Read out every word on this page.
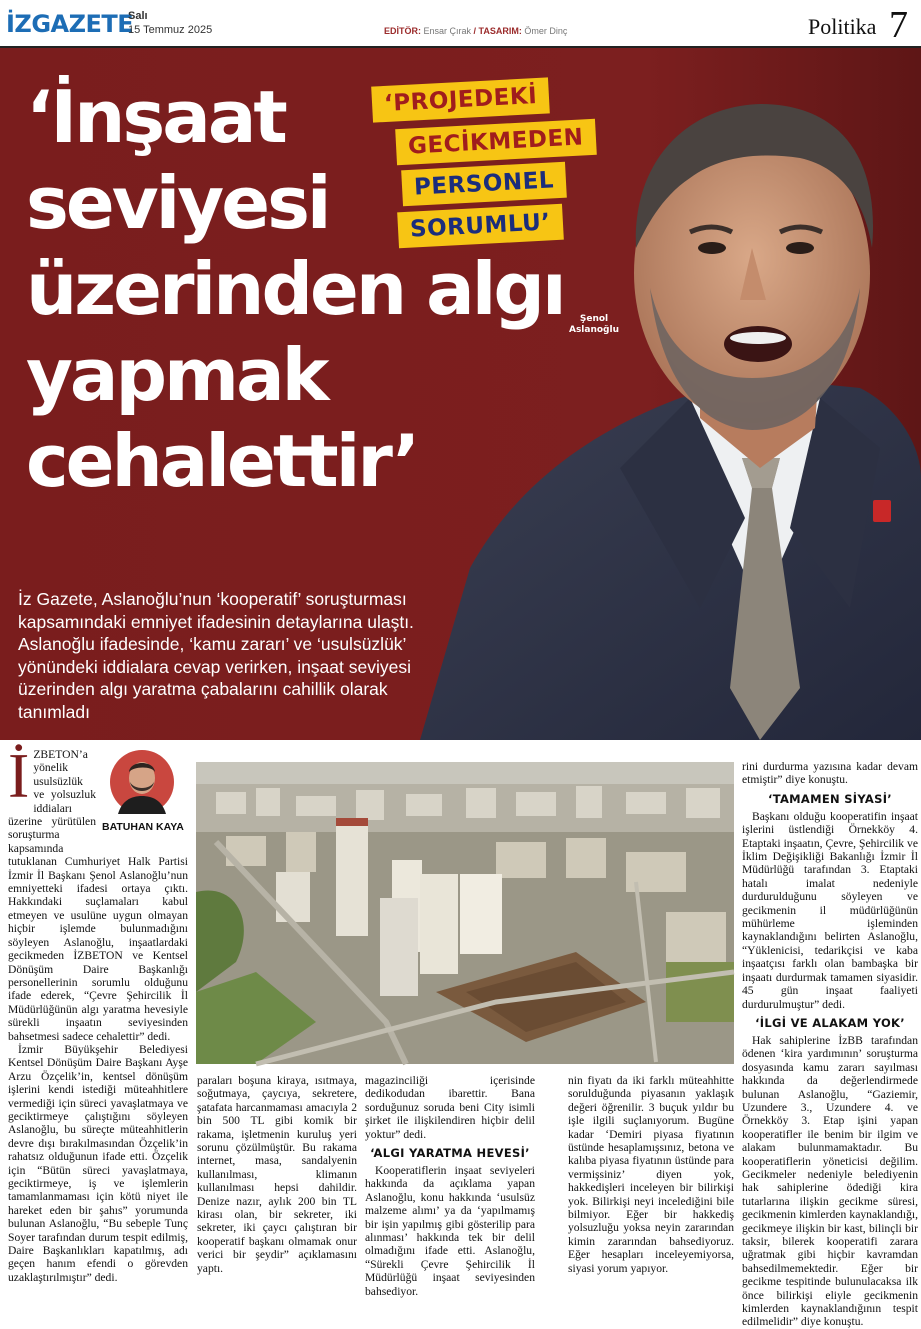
İZGAZETE
Salı
15 Temmuz 2025	EDİTÖR: Ensar Çırak / TASARIM: Ömer Dinç	Politika 7
‘İnşaat seviyesi üzerinden algı yapmak cehalettir’
‘PROJEDEKİ
GECİKMEDEN
PERSONEL
SORUMLU’
Şenol Aslanoğlu
İz Gazete, Aslanoğlu’nun ‘kooperatif’ soruşturması kapsamındaki emniyet ifadesinin detaylarına ulaştı. Aslanoğlu ifadesinde, ‘kamu zararı’ ve ‘usulsüzlük’ yönündeki iddialara cevap verirken, inşaat seviyesi üzerinden algı yaratma çabalarını cahillik olarak tanımladı
İ ZBETON’a yönelik usulsüzlük ve yolsuzluk iddiaları üzerine yürütülen soruşturma kapsamında tutuklanan Cumhuriyet Halk Partisi İzmir İl Başkanı Şenol Aslanoğlu’nun emniyetteki ifadesi ortaya çıktı. Hakkındaki suçlamaları kabul etmeyen ve usulüne uygun olmayan hiçbir işlemde bulunmadığını söyleyen Aslanoğlu, inşaatlardaki gecikmeden İZBETON ve Kentsel Dönüşüm Daire Başkanlığı personellerinin sorumlu olduğunu ifade ederek, “Çevre Şehircilik İl Müdürlüğünün algı yaratma hevesiyle sürekli inşaatın seviyesinden bahsetmesi sadece cehalettir” dedi.

İzmir Büyükşehir Belediyesi Kentsel Dönüşüm Daire Başkanı Ayşe Arzu Özçelik’in, kentsel dönüşüm işlerini kendi istediği müteahhitlere vermediği için süreci yavaşlatmaya ve geciktirmeye çalıştığını söyleyen Aslanoğlu, bu süreçte müteahhitlerin devre dışı bırakılmasından Özçelik’in rahatsız olduğunun ifade etti. Özçelik için “Bütün süreci yavaşlatmaya, geciktirmeye, iş ve işlemlerin tamamlanmaması için kötü niyet ile hareket eden bir şahıs” yorumunda bulunan Aslanoğlu, “Bu sebeple Tunç Soyer tarafından durum tespit edilmiş, Daire Başkanlıkları kapatılmış, adı geçen hanım efendi o görevden uzaklaştırılmıştır” dedi.

BATUHAN KAYA

paraları boşuna kiraya, ısıtmaya, soğutmaya, çaycıya, sekretere, şatafata harcanmaması amacıyla 2 bin 500 TL gibi komik bir rakama, işletmenin kuruluş yeri sorunu çözülmüştür. Bu rakama internet, masa, sandalyenin kullanılması, klimanın kullanılması hepsi dahildir. Denize nazır, aylık 200 bin TL kirası olan, bir sekreter, iki sekreter, iki çaycı çalıştıran bir kooperatif başkanı olmamak onur verici bir şeydir” açıklamasını yaptı.

magazinciliği içerisinde dedikodudan ibarettir. Bana sorduğunuz soruda beni City isimli şirket ile ilişkilendiren hiçbir delil yoktur” dedi.

‘ALGI YARATMA HEVESİ’

Kooperatiflerin inşaat seviyeleri hakkında da açıklama yapan Aslanoğlu, konu hakkında ‘usulsüz malzeme alımı’ ya da ‘yapılmamış bir işin yapılmış gibi gösterilip para alınması’ hakkında tek bir delil olmadığını ifade etti. Aslanoğlu, “Sürekli Çevre Şehircilik İl Müdürlüğü inşaat seviyesinden bahsediyor.

nin fiyatı da iki farklı müteahhitte sorulduğunda piyasanın yaklaşık değeri öğrenilir. 3 buçuk yıldır bu işle ilgili suçlanıyorum. Bugüne kadar ‘Demiri piyasa fiyatının üstünde hesaplamışsınız, betona ve kalıba piyasa fiyatının üstünde para vermişsiniz’ diyen yok, hakkedişleri inceleyen bir bilirkişi yok. Bilirkişi neyi incelediğini bile bilmiyor. Eğer bir hakkediş yolsuzluğu yoksa neyin zararından kimin zararından bahsediyoruz. Eğer hesapları inceleyemiyorsa, siyasi yorum yapıyor.

rini durdurma yazısına kadar devam etmiştir” diye konuştu.

‘TAMAMEN SİYASİ’

Başkanı olduğu kooperatifin inşaat işlerini üstlendiği Örnekköy 4. Etaptaki inşaatın, Çevre, Şehircilik ve İklim Değişikliği Bakanlığı İzmir İl Müdürlüğü tarafından 3. Etaptaki hatalı imalat nedeniyle durdurulduğunu söyleyen ve gecikmenin il müdürlüğünün mühürleme işleminden kaynaklandığını belirten Aslanoğlu, “Yüklenicisi, tedarikçisi ve kaba inşaatçısı farklı olan bambaşka bir inşaatı durdurmak tamamen siyasidir. 45 gün inşaat faaliyeti durdurulmuştur” dedi.

‘İLGİ VE ALAKAM YOK’

Hak sahiplerine İzBB tarafından ödenen ‘kira yardımının’ soruşturma dosyasında kamu zararı sayılması hakkında da değerlendirmede bulunan Aslanoğlu, “Gaziemir, Uzundere 3., Uzundere 4. ve Örnekköy 3. Etap işini yapan kooperatifler ile benim bir ilgim ve alakam bulunmamaktadır. Bu kooperatiflerin yöneticisi değilim. Gecikmeler nedeniyle belediyenin hak sahiplerine ödediği kira tutarlarına ilişkin gecikme süresi, gecikmenin kimlerden kaynaklandığı, gecikmeye ilişkin bir kast, bilinçli bir taksir, bilerek kooperatifi zarara uğratmak gibi hiçbir kavramdan bahsedilmemektedir. Eğer bir gecikme tespitinde bulunulacaksa ilk önce bilirkişi eliyle gecikmenin kimlerden kaynaklandığının tespit edilmelidir” diye konuştu.
